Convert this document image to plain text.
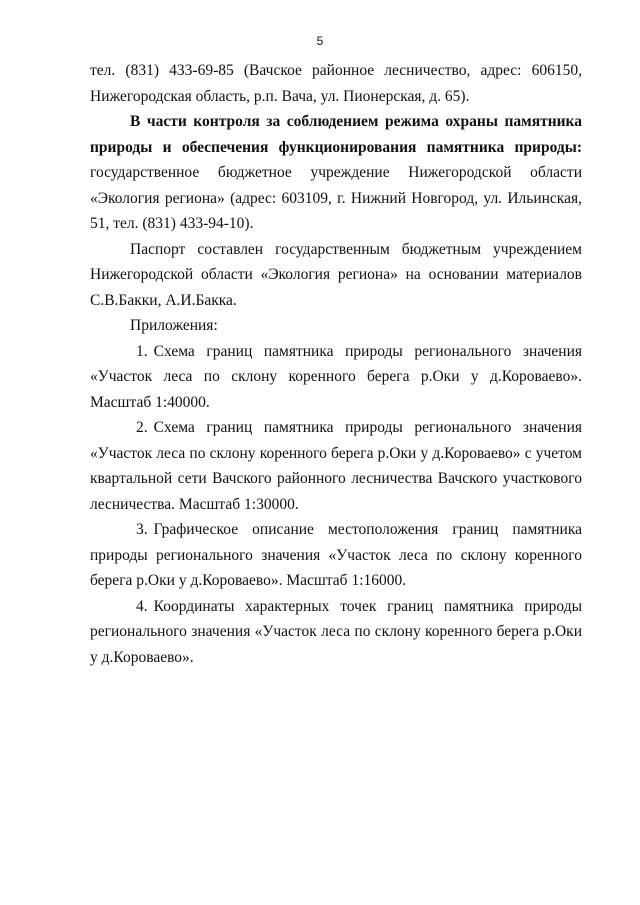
5

тел. (831) 433-69-85 (Вачское районное лесничество, адрес: 606150, Нижегородская область, р.п. Вача, ул. Пионерская, д. 65).

В части контроля за соблюдением режима охраны памятника природы и обеспечения функционирования памятника природы: государственное бюджетное учреждение Нижегородской области «Экология региона» (адрес: 603109, г. Нижний Новгород, ул. Ильинская, 51, тел. (831) 433-94-10).

Паспорт составлен государственным бюджетным учреждением Нижегородской области «Экология региона» на основании материалов С.В.Бакки, А.И.Бакка.

Приложения:

1. Схема границ памятника природы регионального значения «Участок леса по склону коренного берега р.Оки у д.Короваево». Масштаб 1:40000.

2. Схема границ памятника природы регионального значения «Участок леса по склону коренного берега р.Оки у д.Короваево» с учетом квартальной сети Вачского районного лесничества Вачского участкового лесничества. Масштаб 1:30000.

3. Графическое описание местоположения границ памятника природы регионального значения «Участок леса по склону коренного берега р.Оки у д.Короваево». Масштаб 1:16000.

4. Координаты характерных точек границ памятника природы регионального значения «Участок леса по склону коренного берега р.Оки у д.Короваево».
